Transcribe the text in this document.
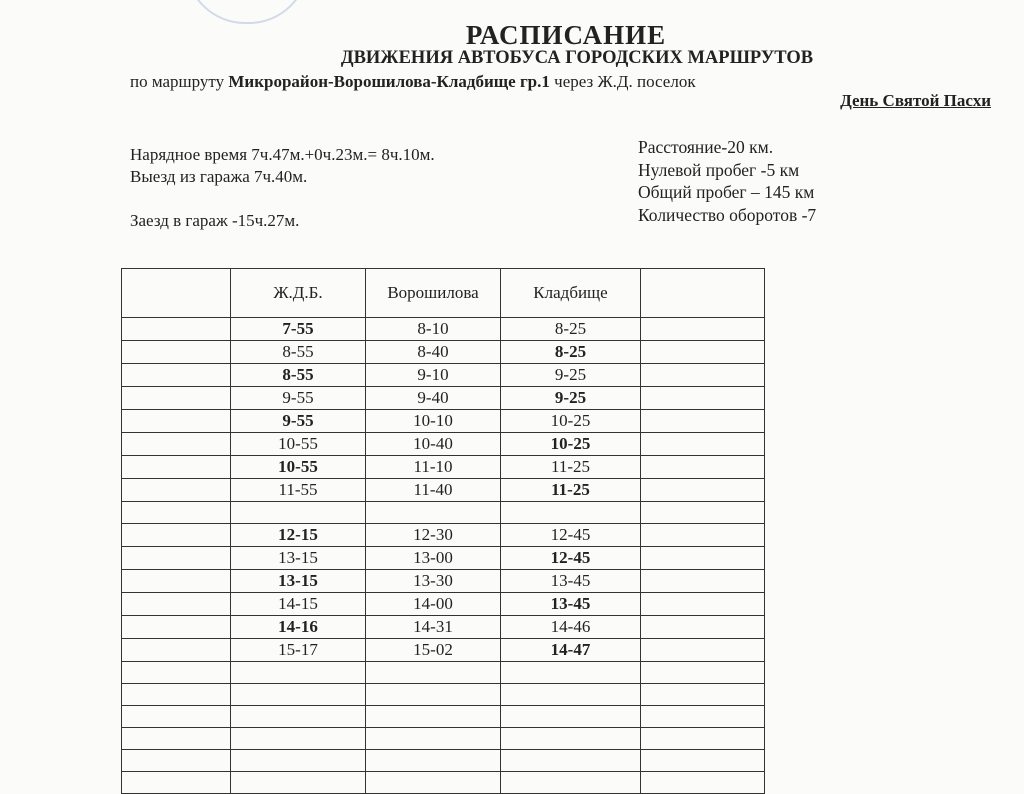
РАСПИСАНИЕ
ДВИЖЕНИЯ АВТОБУСА ГОРОДСКИХ МАРШРУТОВ
по маршруту Микрорайон-Ворошилова-Кладбище гр.1 через Ж.Д. поселок
День Святой Пасхи
Нарядное время 7ч.47м.+0ч.23м.= 8ч.10м.
Выезд из гаража 7ч.40м.
Заезд в гараж -15ч.27м.
Расстояние-20 км.
Нулевой пробег -5 км
Общий пробег – 145 км
Количество оборотов -7
	Ж.Д.Б.	Ворошилова	Кладбище	
	7-55	8-10	8-25	
	8-55	8-40	8-25	
	8-55	9-10	9-25	
	9-55	9-40	9-25	
	9-55	10-10	10-25	
	10-55	10-40	10-25	
	10-55	11-10	11-25	
	11-55	11-40	11-25	

	12-15	12-30	12-45	
	13-15	13-00	12-45	
	13-15	13-30	13-45	
	14-15	14-00	13-45	
	14-16	14-31	14-46	
	15-17	15-02	14-47	
